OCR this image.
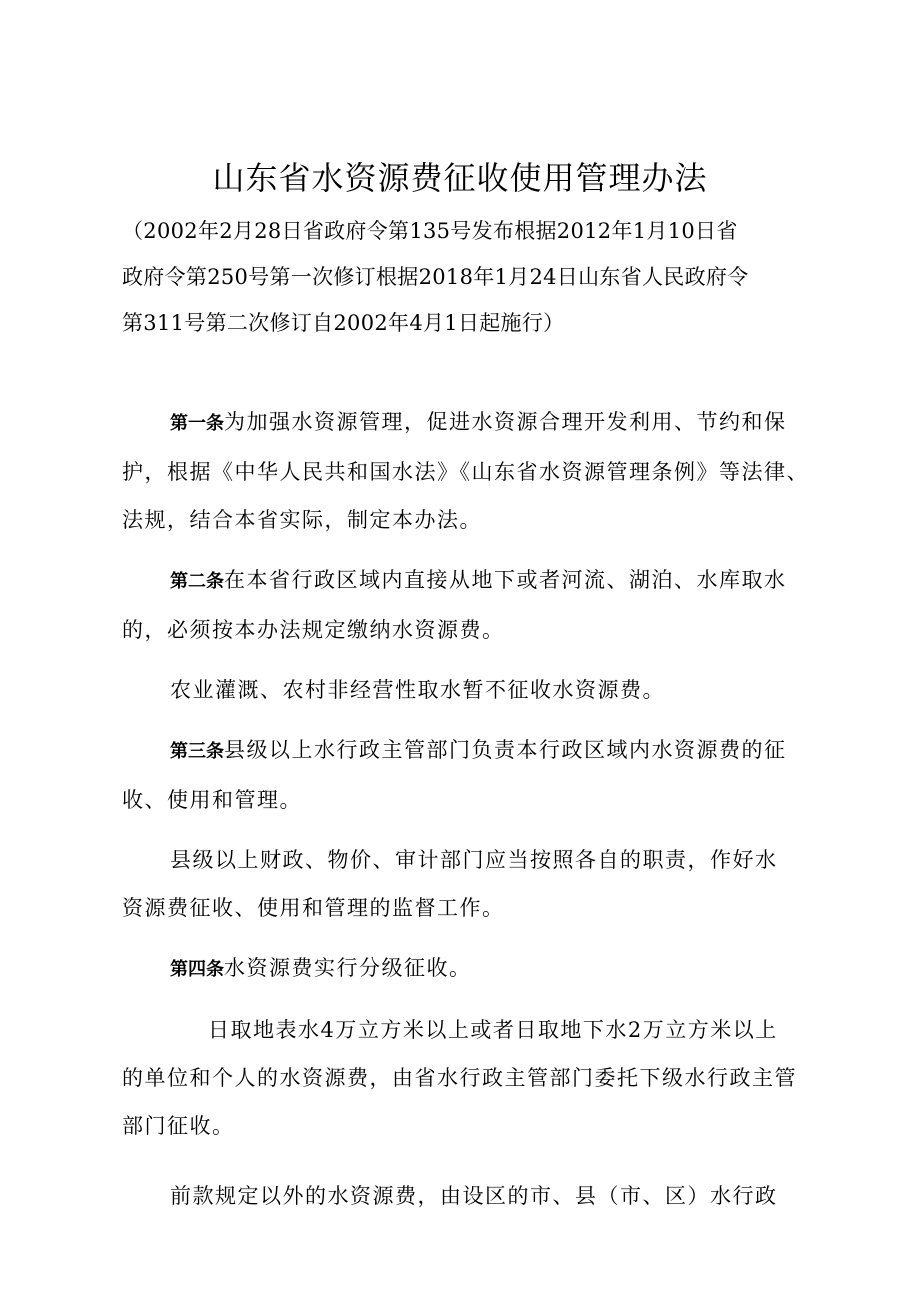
山东省水资源费征收使用管理办法
（2002年2月28日省政府令第135号发布根据2012年1月10日省
政府令第250号第一次修订根据2018年1月24日山东省人民政府令
第311号第二次修订自2002年4月1日起施行）
第一条为加强水资源管理，促进水资源合理开发利用、节约和保
护，根据《中华人民共和国水法》《山东省水资源管理条例》等法律、
法规，结合本省实际，制定本办法。
第二条在本省行政区域内直接从地下或者河流、湖泊、水库取水
的，必须按本办法规定缴纳水资源费。
农业灌溉、农村非经营性取水暂不征收水资源费。
第三条县级以上水行政主管部门负责本行政区域内水资源费的征
收、使用和管理。
县级以上财政、物价、审计部门应当按照各自的职责，作好水
资源费征收、使用和管理的监督工作。
第四条水资源费实行分级征收。
日取地表水4万立方米以上或者日取地下水2万立方米以上
的单位和个人的水资源费，由省水行政主管部门委托下级水行政主管
部门征收。
前款规定以外的水资源费，由设区的市、县（市、区）水行政
